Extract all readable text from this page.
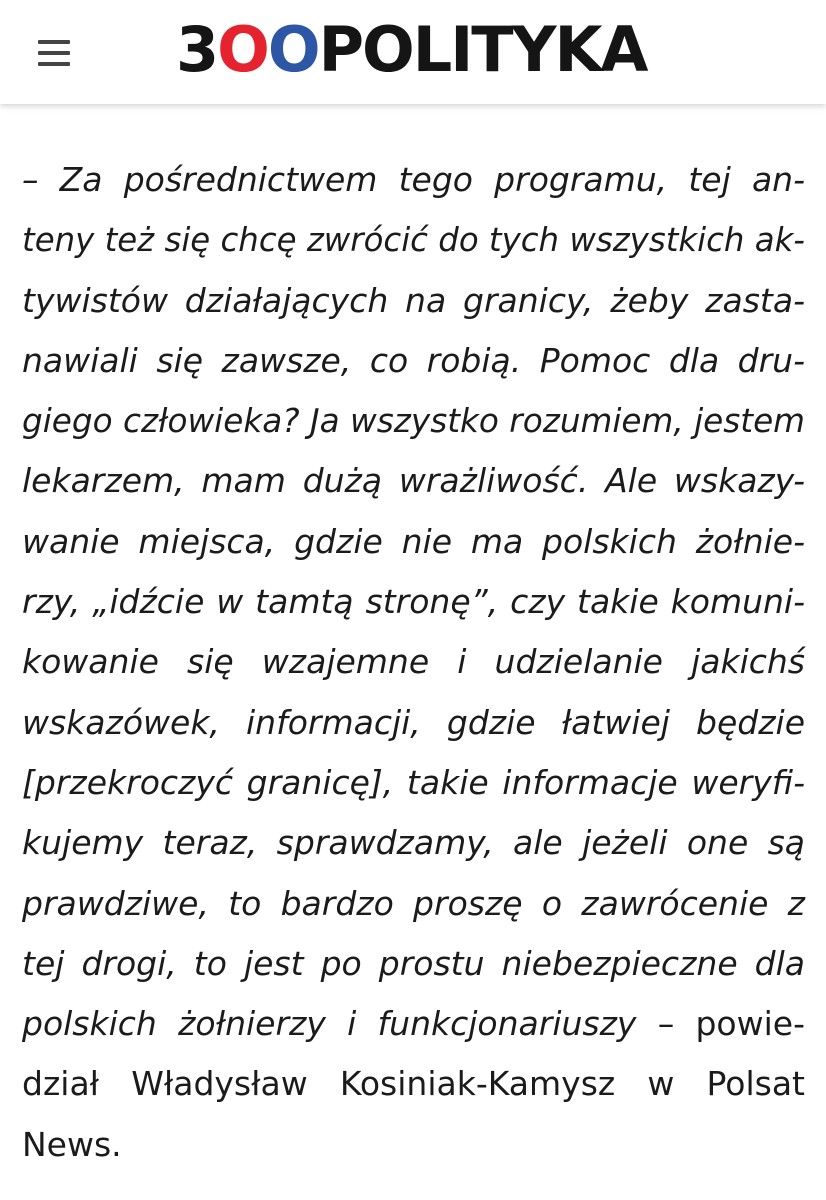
3 O O POLITYKA
– Za pośrednictwem tego programu, tej an-
teny też się chcę zwrócić do tych wszystkich ak-
tywistów działających na granicy, żeby zasta-
nawiali się zawsze, co robią. Pomoc dla dru-
giego człowieka? Ja wszystko rozumiem, jestem
lekarzem, mam dużą wrażliwość. Ale wskazy-
wanie miejsca, gdzie nie ma polskich żołnie-
rzy, „idźcie w tamtą stronę”, czy takie komuni-
kowanie się wzajemne i udzielanie jakichś
wskazówek, informacji, gdzie łatwiej będzie
[przekroczyć granicę], takie informacje weryfi-
kujemy teraz, sprawdzamy, ale jeżeli one są
prawdziwe, to bardzo proszę o zawrócenie z
tej drogi, to jest po prostu niebezpieczne dla
polskich żołnierzy i funkcjonariuszy – powie-
dział Władysław Kosiniak-Kamysz w Polsat
News.
